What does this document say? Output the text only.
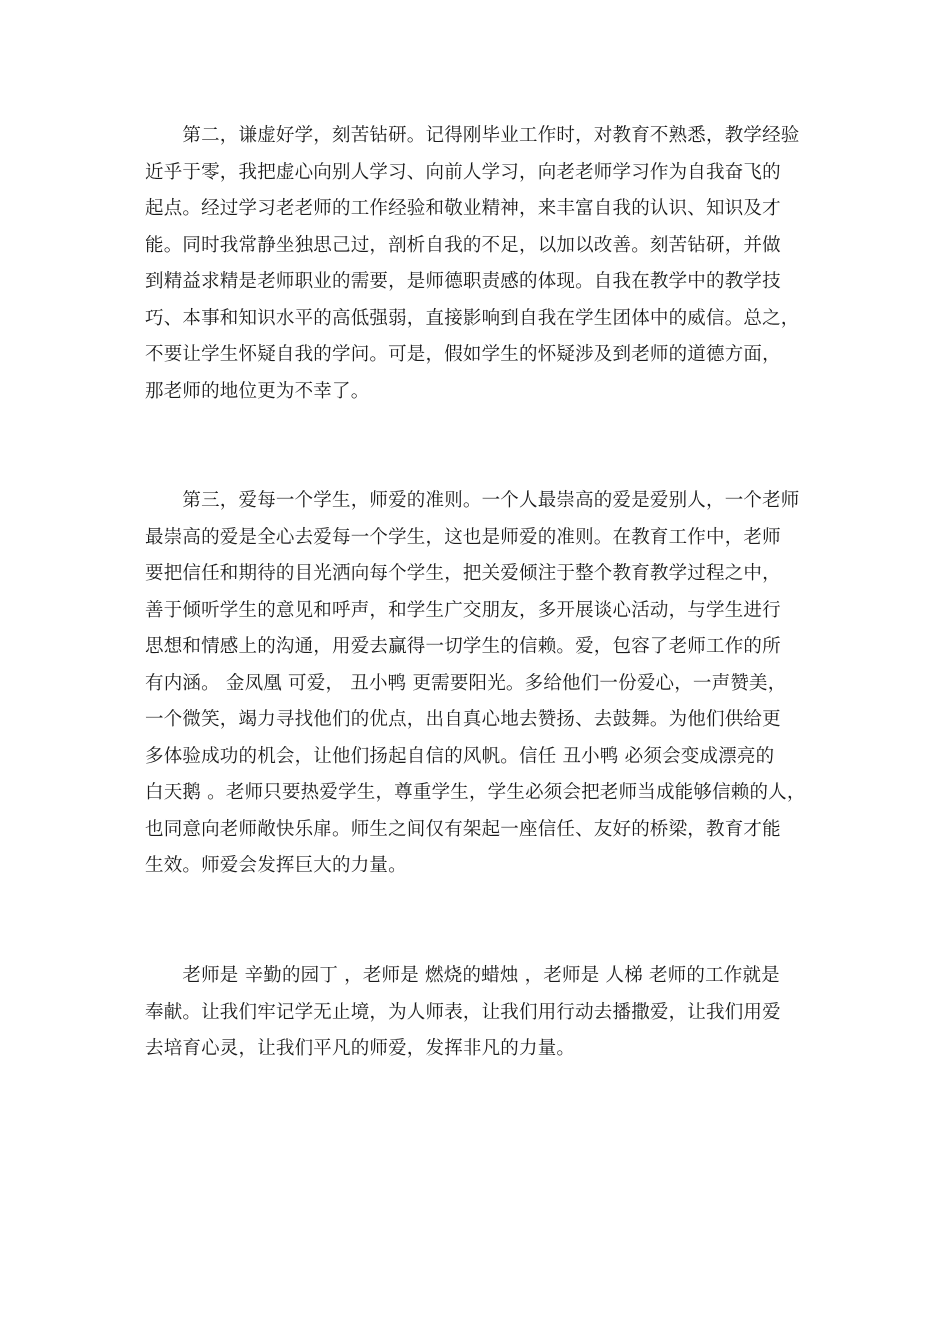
　　第二，谦虚好学，刻苦钻研。记得刚毕业工作时，对教育不熟悉，教学经验
近乎于零，我把虚心向别人学习、向前人学习，向老老师学习作为自我奋飞的
起点。经过学习老老师的工作经验和敬业精神，来丰富自我的认识、知识及才
能。同时我常静坐独思己过，剖析自我的不足，以加以改善。刻苦钻研，并做
到精益求精是老师职业的需要，是师德职责感的体现。自我在教学中的教学技
巧、本事和知识水平的高低强弱，直接影响到自我在学生团体中的威信。总之，
不要让学生怀疑自我的学问。可是，假如学生的怀疑涉及到老师的道德方面，
那老师的地位更为不幸了。
　　第三，爱每一个学生，师爱的准则。一个人最崇高的爱是爱别人，一个老师
最崇高的爱是全心去爱每一个学生，这也是师爱的准则。在教育工作中，老师
要把信任和期待的目光洒向每个学生，把关爱倾注于整个教育教学过程之中，
善于倾听学生的意见和呼声，和学生广交朋友，多开展谈心活动，与学生进行
思想和情感上的沟通，用爱去赢得一切学生的信赖。爱，包容了老师工作的所
有内涵。 金凤凰 可爱， 丑小鸭 更需要阳光。多给他们一份爱心，一声赞美，
一个微笑，竭力寻找他们的优点，出自真心地去赞扬、去鼓舞。为他们供给更
多体验成功的机会，让他们扬起自信的风帆。信任 丑小鸭 必须会变成漂亮的
白天鹅 。老师只要热爱学生，尊重学生，学生必须会把老师当成能够信赖的人，
也同意向老师敞快乐扉。师生之间仅有架起一座信任、友好的桥梁，教育才能
生效。师爱会发挥巨大的力量。
　　老师是 辛勤的园丁 ，老师是 燃烧的蜡烛 ，老师是 人梯 老师的工作就是
奉献。让我们牢记学无止境，为人师表，让我们用行动去播撒爱，让我们用爱
去培育心灵，让我们平凡的师爱，发挥非凡的力量。
